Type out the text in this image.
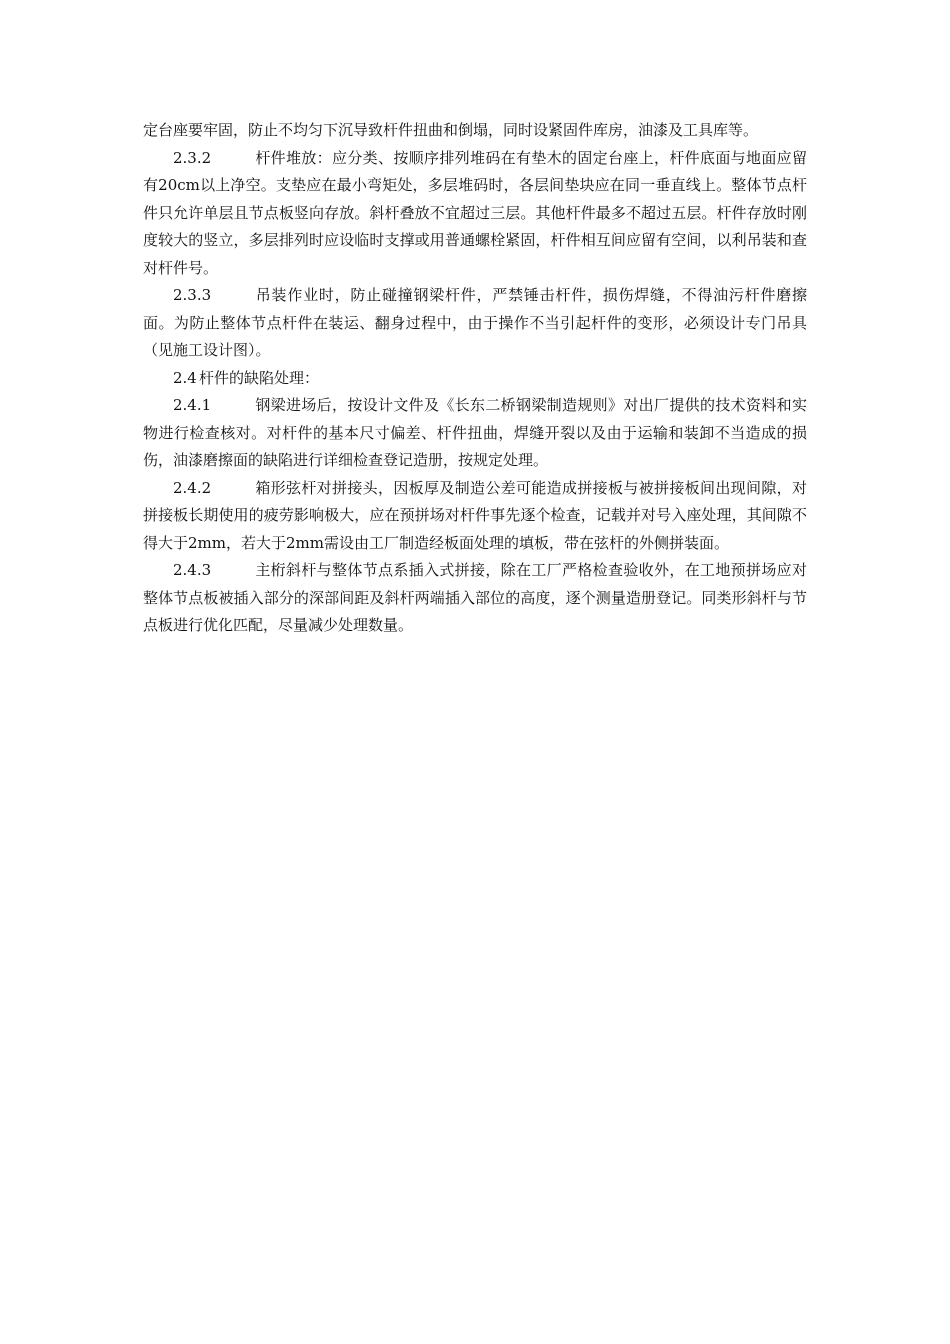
定台座要牢固，防止不均匀下沉导致杆件扭曲和倒塌，同时设紧固件库房，油漆及工具库等。

2.3.2	杆件堆放：应分类、按顺序排列堆码在有垫木的固定台座上，杆件底面与地面应留有20cm以上净空。支垫应在最小弯矩处，多层堆码时，各层间垫块应在同一垂直线上。整体节点杆件只允许单层且节点板竖向存放。斜杆叠放不宜超过三层。其他杆件最多不超过五层。杆件存放时刚度较大的竖立，多层排列时应设临时支撑或用普通螺栓紧固，杆件相互间应留有空间，以利吊装和查对杆件号。

2.3.3	吊装作业时，防止碰撞钢梁杆件，严禁锤击杆件，损伤焊缝，不得油污杆件磨擦面。为防止整体节点杆件在装运、翻身过程中，由于操作不当引起杆件的变形，必须设计专门吊具（见施工设计图）。

2.4 杆件的缺陷处理：

2.4.1	钢梁进场后，按设计文件及《长东二桥钢梁制造规则》对出厂提供的技术资料和实物进行检查核对。对杆件的基本尺寸偏差、杆件扭曲，焊缝开裂以及由于运输和装卸不当造成的损伤，油漆磨擦面的缺陷进行详细检查登记造册，按规定处理。

2.4.2	箱形弦杆对拼接头，因板厚及制造公差可能造成拼接板与被拼接板间出现间隙，对拼接板长期使用的疲劳影响极大，应在预拼场对杆件事先逐个检查，记载并对号入座处理，其间隙不得大于2mm，若大于2mm需设由工厂制造经板面处理的填板，带在弦杆的外侧拼装面。

2.4.3	主桁斜杆与整体节点系插入式拼接，除在工厂严格检查验收外，在工地预拼场应对整体节点板被插入部分的深部间距及斜杆两端插入部位的高度，逐个测量造册登记。同类形斜杆与节点板进行优化匹配，尽量减少处理数量。
